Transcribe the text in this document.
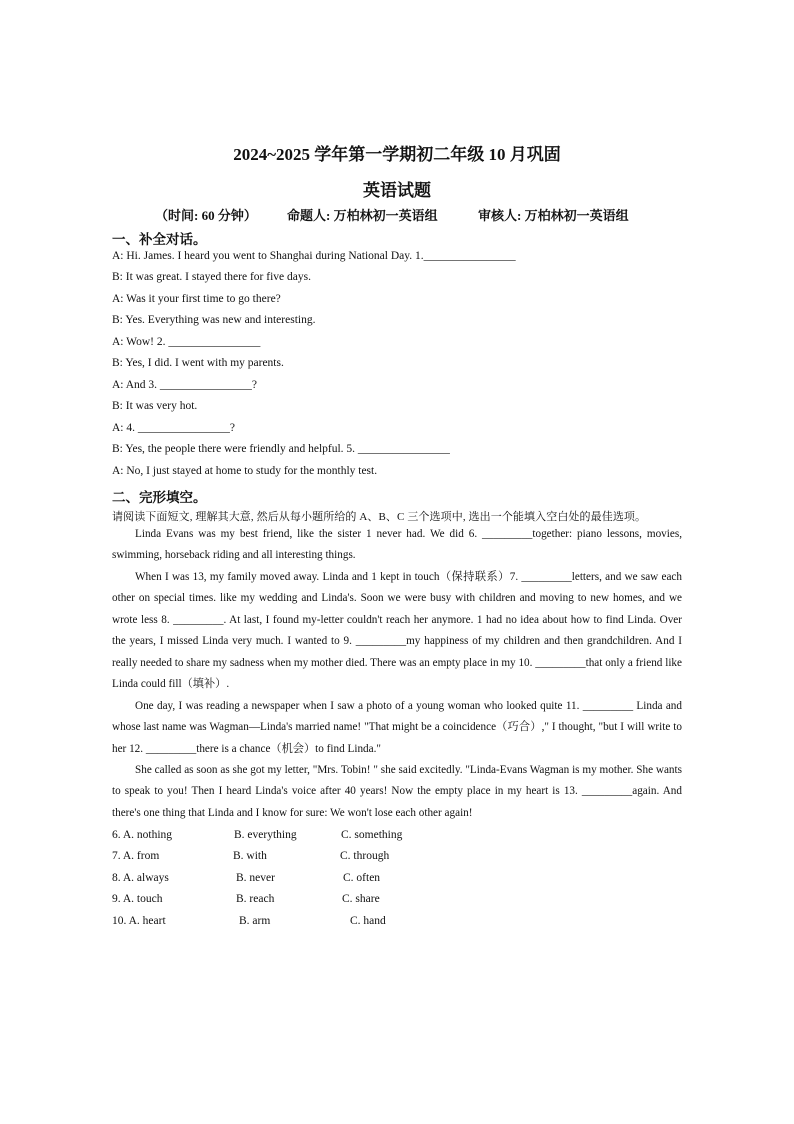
2024~2025 学年第一学期初二年级 10 月巩固
英语试题
（时间: 60 分钟） 命题人: 万柏林初一英语组	审核人: 万柏林初一英语组
一、补全对话。
A: Hi. James. I heard you went to Shanghai during National Day. 1.________________
B: It was great. I stayed there for five days.
A: Was it your first time to go there?
B: Yes. Everything was new and interesting.
A: Wow! 2. ________________
B: Yes, I did. I went with my parents.
A: And 3. ________________?
B: It was very hot.
A: 4. ________________?
B: Yes, the people there were friendly and helpful. 5. ________________
A: No, I just stayed at home to study for the monthly test.
二、完形填空。
请阅读下面短文, 理解其大意, 然后从每小题所给的 A、B、C 三个选项中, 选出一个能填入空白处的最佳选项。
Linda Evans was my best friend, like the sister 1 never had. We did 6. _________together: piano lessons, movies, swimming, horseback riding and all interesting things.
When I was 13, my family moved away. Linda and 1 kept in touch（保持联系）7. _________letters, and we saw each other on special times. like my wedding and Linda's. Soon we were busy with children and moving to new homes, and we wrote less 8. _________. At last, I found my-letter couldn't reach her anymore. 1 had no idea about how to find Linda. Over the years, I missed Linda very much. I wanted to 9. _________my happiness of my children and then grandchildren. And I really needed to share my sadness when my mother died. There was an empty place in my 10. _________that only a friend like Linda could fill（填补）.
One day, I was reading a newspaper when I saw a photo of a young woman who looked quite 11. _________ Linda and whose last name was Wagman—Linda's married name! "That might be a coincidence（巧合）," I thought, "but I will write to her 12. _________there is a chance（机会）to find Linda."
She called as soon as she got my letter, "Mrs. Tobin! " she said excitedly. "Linda-Evans Wagman is my mother. She wants to speak to you! Then I heard Linda's voice after 40 years! Now the empty place in my heart is 13. _________again. And there's one thing that Linda and I know for sure: We won't lose each other again!
6. A. nothing	B. everything	C. something
7. A. from	B. with	C. through
8. A. always	B. never	C. often
9. A. touch	B. reach	C. share
10. A. heart	B. arm	C. hand
